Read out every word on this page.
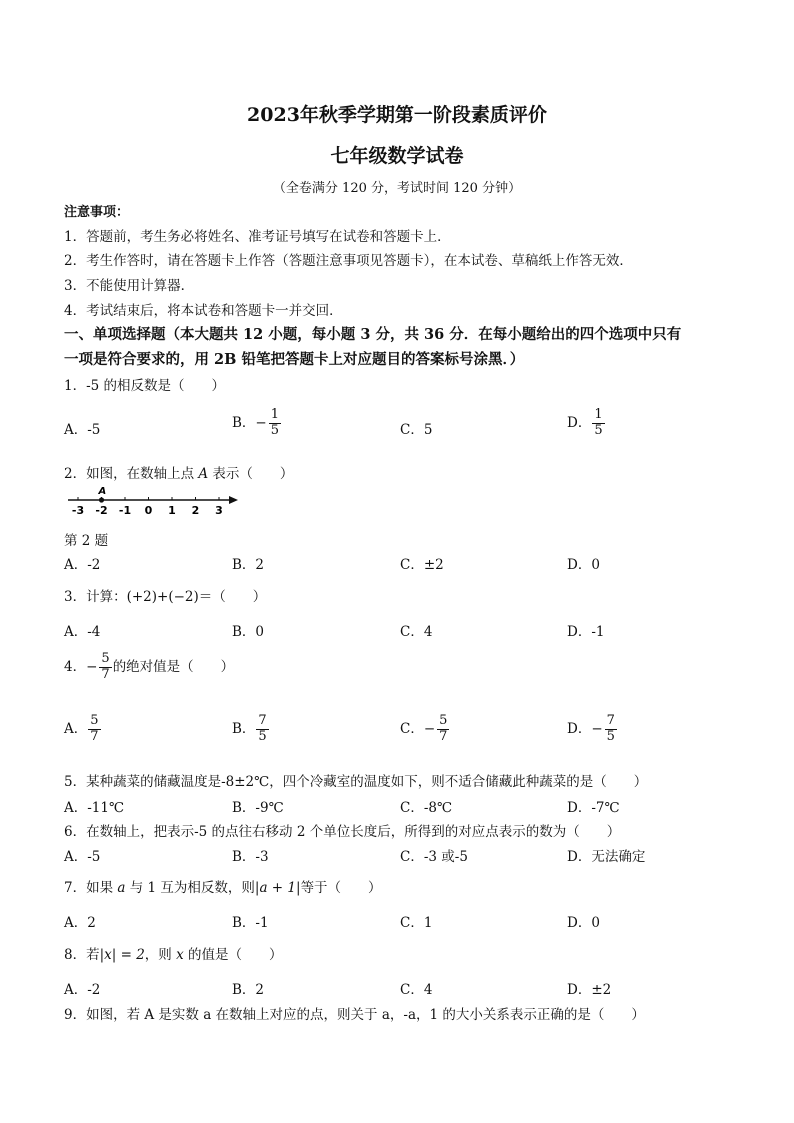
2023年秋季学期第一阶段素质评价
七年级数学试卷
（全卷满分 120 分，考试时间 120 分钟）
注意事项：
1．答题前，考生务必将姓名、准考证号填写在试卷和答题卡上．
2．考生作答时，请在答题卡上作答（答题注意事项见答题卡），在本试卷、草稿纸上作答无效．
3．不能使用计算器．
4．考试结束后，将本试卷和答题卡一并交回．
一、单项选择题（本大题共 12 小题，每小题 3 分，共 36 分．在每小题给出的四个选项中只有
一项是符合要求的，用 2B 铅笔把答题卡上对应题目的答案标号涂黑．）
1．-5 的相反数是（　　）
A．-5	B．− $\frac{1}{5}$	C．5	D． $\frac{1}{5}$
2．如图，在数轴上点 A 表示（　　）
-3 -2 -1 0 1 2 3
A
第 2 题
A．-2	B．2	C．±2	D．0
3．计算：(+2)+(−2)＝（　　）
A．-4	B．0	C．4	D．-1
4．− $\frac{5}{7}$ 的绝对值是（　　）
A． $\frac{5}{7}$	B． $\frac{7}{5}$	C．− $\frac{5}{7}$	D．− $\frac{7}{5}$
5．某种蔬菜的储藏温度是-8±2℃，四个冷藏室的温度如下，则不适合储藏此种蔬菜的是（　　）
A．-11℃	B．-9℃	C．-8℃	D．-7℃
6．在数轴上，把表示-5 的点往右移动 2 个单位长度后，所得到的对应点表示的数为（　　）
A．-5	B．-3	C．-3 或-5	D．无法确定
7．如果 a 与 1 互为相反数，则|a + 1|等于（　　）
A．2	B．-1	C．1	D．0
8．若|x| = 2，则 x 的值是（　　）
A．-2	B．2	C．4	D．±2
9．如图，若 A 是实数 a 在数轴上对应的点，则关于 a，-a，1 的大小关系表示正确的是（　　）
